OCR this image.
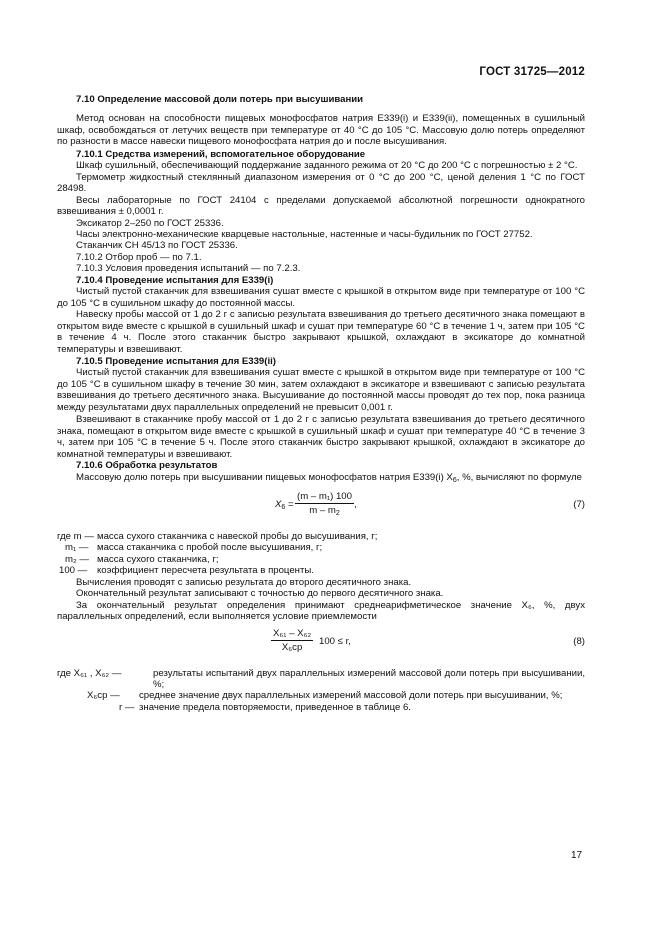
ГОСТ 31725—2012

7.10 Определение массовой доли потерь при высушивании

Метод основан на способности пищевых монофосфатов натрия Е339(i) и Е339(ii), помещенных в сушильный шкаф, освобождаться от летучих веществ при температуре от 40 °C до 105 °C. Массовую долю потерь определяют по разности в массе навески пищевого монофосфата натрия до и после высушивания.

7.10.1 Средства измерений, вспомогательное оборудование

Шкаф сушильный, обеспечивающий поддержание заданного режима от 20 °C до 200 °C с погрешностью ± 2 °C.

Термометр жидкостный стеклянный диапазоном измерения от 0 °C до 200 °C, ценой деления 1 °C по ГОСТ 28498.

Весы лабораторные по ГОСТ 24104 с пределами допускаемой абсолютной погрешности однократного взвешивания ± 0,0001 г.

Эксикатор 2–250 по ГОСТ 25336.

Часы электронно-механические кварцевые настольные, настенные и часы-будильник по ГОСТ 27752.

Стаканчик СН 45/13 по ГОСТ 25336.

7.10.2 Отбор проб — по 7.1.

7.10.3 Условия проведения испытаний — по 7.2.3.

7.10.4 Проведение испытания для Е339(i)

Чистый пустой стаканчик для взвешивания сушат вместе с крышкой в открытом виде при температуре от 100 °C до 105 °C в сушильном шкафу до постоянной массы.

Навеску пробы массой от 1 до 2 г с записью результата взвешивания до третьего десятичного знака помещают в открытом виде вместе с крышкой в сушильный шкаф и сушат при температуре 60 °C в течение 1 ч, затем при 105 °C в течение 4 ч. После этого стаканчик быстро закрывают крышкой, охлаждают в эксикаторе до комнатной температуры и взвешивают.

7.10.5 Проведение испытания для Е339(ii)

Чистый пустой стаканчик для взвешивания сушат вместе с крышкой в открытом виде при температуре от 100 °C до 105 °C в сушильном шкафу в течение 30 мин, затем охлаждают в эксикаторе и взвешивают с записью результата взвешивания до третьего десятичного знака. Высушивание до постоянной массы проводят до тех пор, пока разница между результатами двух параллельных определений не превысит 0,001 г.

Взвешивают в стаканчике пробу массой от 1 до 2 г с записью результата взвешивания до третьего десятичного знака, помещают в открытом виде вместе с крышкой в сушильный шкаф и сушат при температуре 40 °C в течение 3 ч, затем при 105 °C в течение 5 ч. После этого стаканчик быстро закрывают крышкой, охлаждают в эксикаторе до комнатной температуры и взвешивают.

7.10.6 Обработка результатов

Массовую долю потерь при высушивании пищевых монофосфатов натрия Е339(i) $X_6$, %, вычисляют по формуле

$X_6 = \frac{\text{(m – m₁) 100}}{m - m_2}$ ,	(7)
где m — масса сухого стаканчика с навеской пробы до высушивания, г;
m₁ — масса стаканчика с пробой после высушивания, г;
m₂ — масса сухого стаканчика, г;
100 —	коэффициент пересчета результата в проценты.

Вычисления проводят с записью результата до второго десятичного знака.

Окончательный результат записывают с точностью до первого десятичного знака.

За окончательный результат определения принимают среднеарифметическое значение X₆, %, двух параллельных определений, если выполняется условие приемлемости

X₆₁ – X₆₂
X₆ср
100 ≤ r,	(8)
где X₆₁ , X₆₂ —	результаты испытаний двух параллельных измерений массовой доли потерь при высушивании, %;
X₆ср —	среднее значение двух параллельных измерений массовой доли потерь при высушивании, %;
r — значение предела повторяемости, приведенное в таблице 6.
17
